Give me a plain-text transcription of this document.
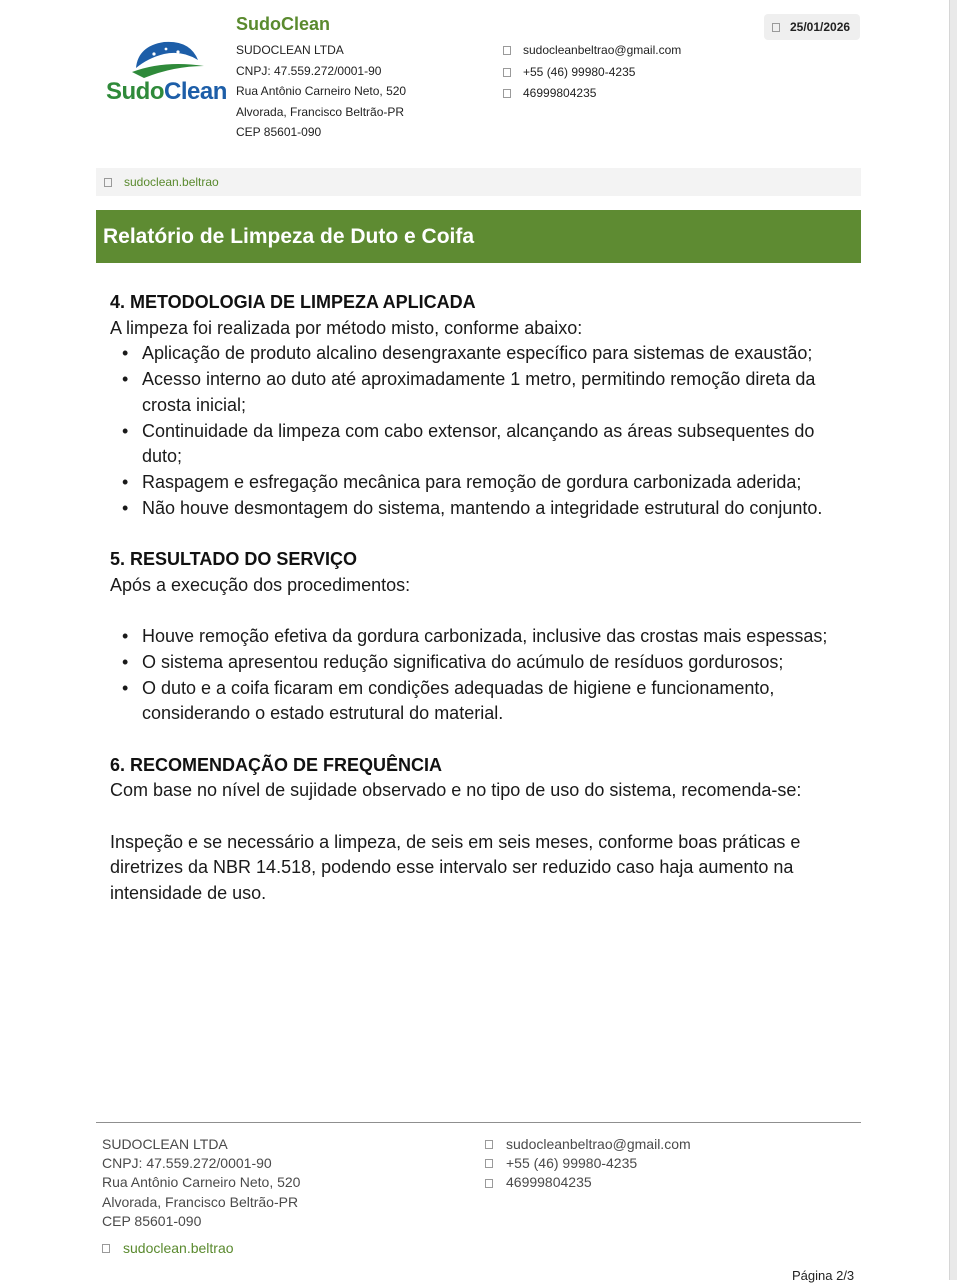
SudoClean
SudoClean
SUDOCLEAN LTDA
CNPJ: 47.559.272/0001-90
Rua Antônio Carneiro Neto, 520
Alvorada, Francisco Beltrão-PR
CEP 85601-090
sudocleanbeltrao@gmail.com
+55 (46) 99980-4235
46999804235
25/01/2026
sudoclean.beltrao
Relatório de Limpeza de Duto e Coifa
4. METODOLOGIA DE LIMPEZA APLICADA

A limpeza foi realizada por método misto, conforme abaixo:

• Aplicação de produto alcalino desengraxante específico para sistemas de exaustão;
• Acesso interno ao duto até aproximadamente 1 metro, permitindo remoção direta da crosta inicial;
• Continuidade da limpeza com cabo extensor, alcançando as áreas subsequentes do duto;
• Raspagem e esfregação mecânica para remoção de gordura carbonizada aderida;
• Não houve desmontagem do sistema, mantendo a integridade estrutural do conjunto.
5. RESULTADO DO SERVIÇO

Após a execução dos procedimentos:

• Houve remoção efetiva da gordura carbonizada, inclusive das crostas mais espessas;
• O sistema apresentou redução significativa do acúmulo de resíduos gordurosos;
• O duto e a coifa ficaram em condições adequadas de higiene e funcionamento, considerando o estado estrutural do material.
6. RECOMENDAÇÃO DE FREQUÊNCIA

Com base no nível de sujidade observado e no tipo de uso do sistema, recomenda-se:

Inspeção e se necessário a limpeza, de seis em seis meses, conforme boas práticas e diretrizes da NBR 14.518, podendo esse intervalo ser reduzido caso haja aumento na intensidade de uso.

SUDOCLEAN LTDA
CNPJ: 47.559.272/0001-90
Rua Antônio Carneiro Neto, 520
Alvorada, Francisco Beltrão-PR
CEP 85601-090
sudocleanbeltrao@gmail.com
+55 (46) 99980-4235
46999804235
sudoclean.beltrao
Página 2/3
